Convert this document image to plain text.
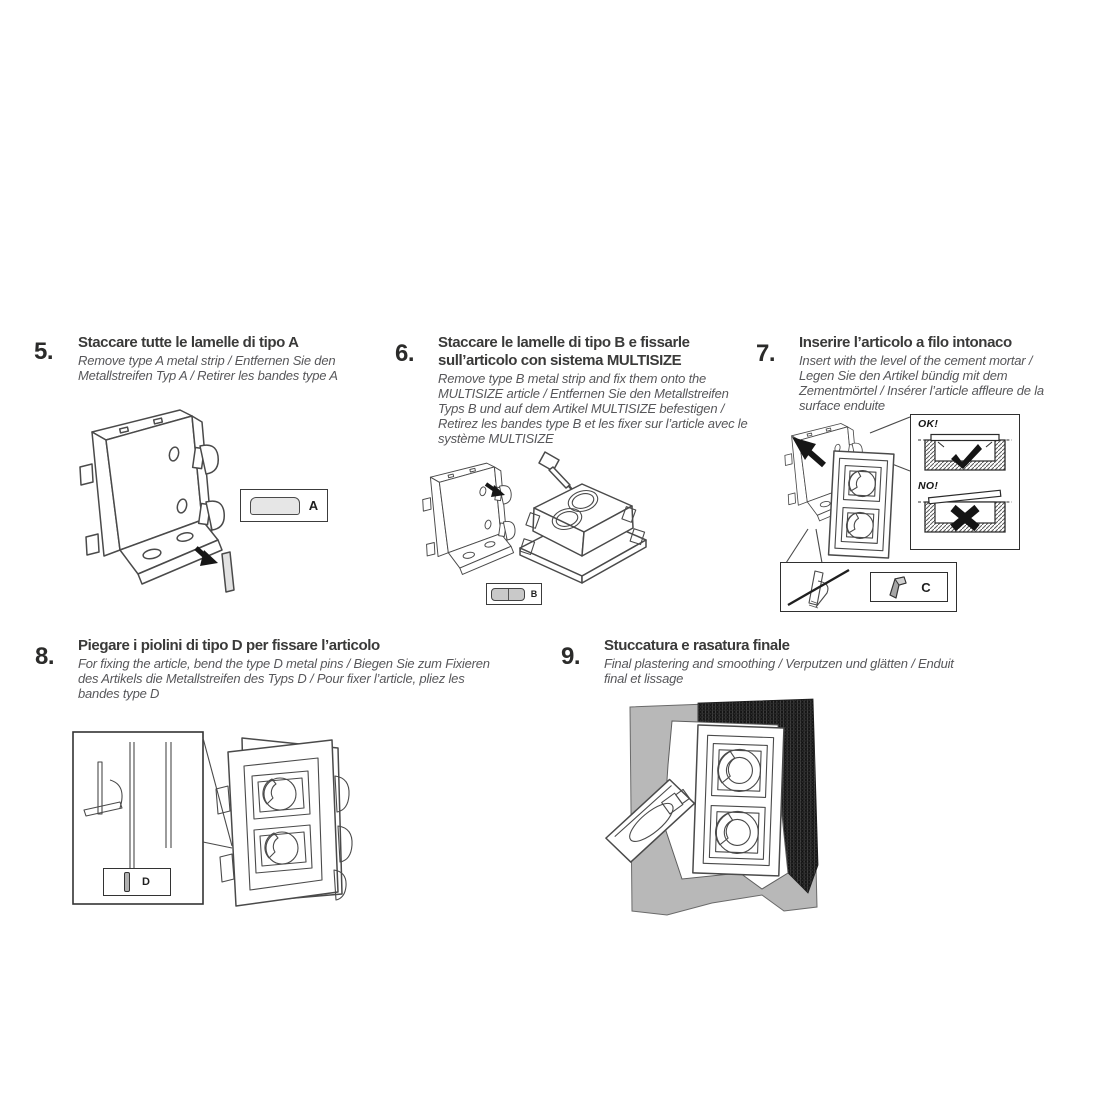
5. Staccare tutte le lamelle di tipo A
Remove type A metal strip / Entfernen Sie den Metallstreifen Typ A / Retirer les bandes type A
A
6. Staccare le lamelle di tipo B e fissarle sull’articolo con sistema MULTISIZE
Remove type B metal strip and fix them onto the MULTISIZE article / Entfernen Sie den Metallstreifen Typs B und auf dem Artikel MULTISIZE befestigen / Retirez les bandes type B et les fixer sur l’article avec le système MULTISIZE
B
7. Inserire l’articolo a filo intonaco
Insert with the level of the cement mortar / Legen Sie den Artikel bündig mit dem Zementmörtel / Insérer l’article affleure de la surface enduite
OK!
NO!
C
8. Piegare i piolini di tipo D per fissare l’articolo
For fixing the article, bend the type D metal pins / Biegen Sie zum Fixieren des Artikels die Metallstreifen des Typs D / Pour fixer l’article, pliez les bandes type D
D
9. Stuccatura e rasatura finale
Final plastering and smoothing / Verputzen und glätten / Enduit final et lissage
